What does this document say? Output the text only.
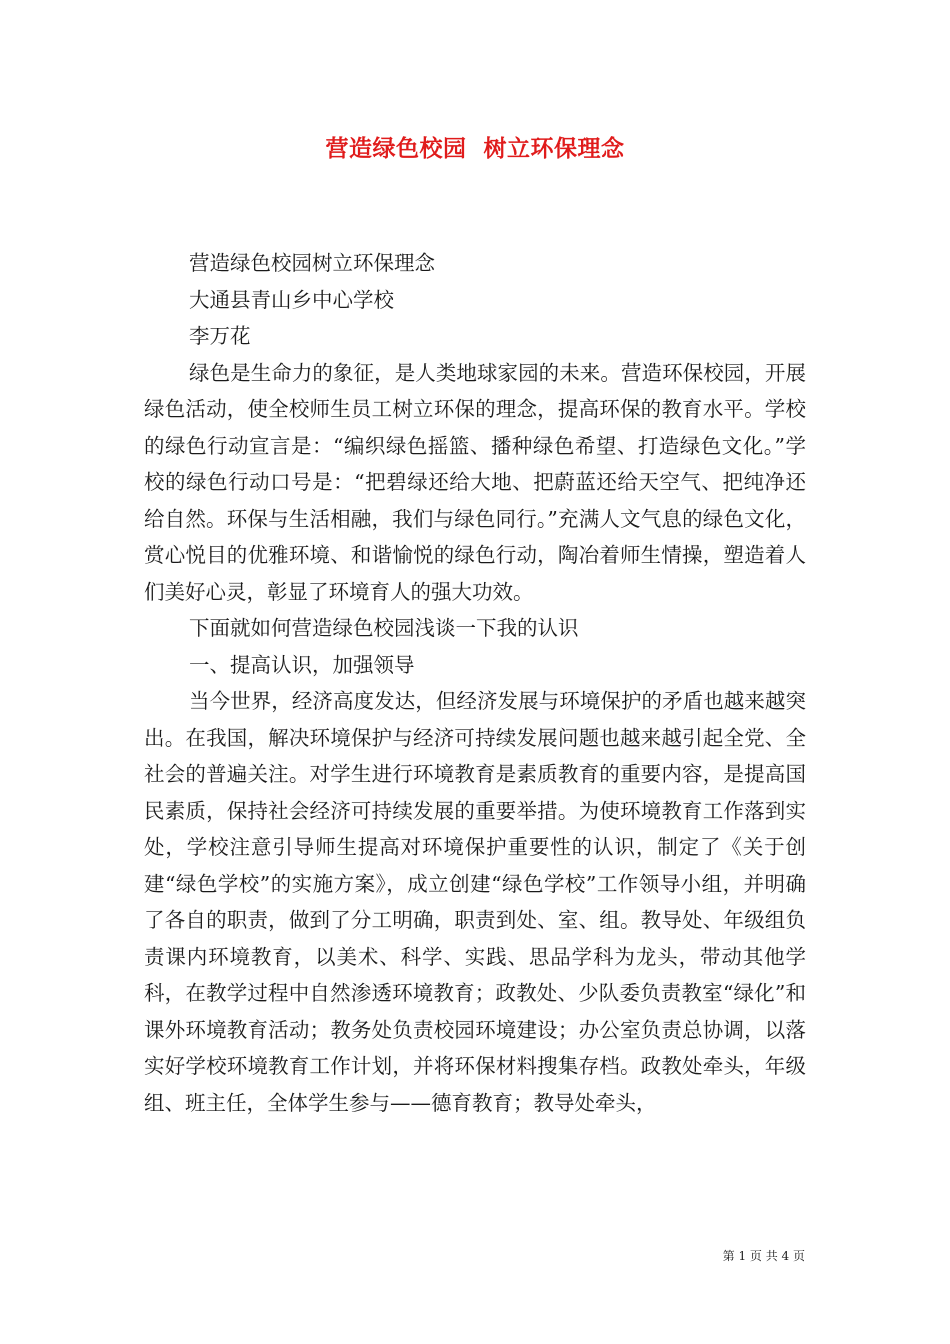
营造绿色校园  树立环保理念

营造绿色校园树立环保理念

大通县青山乡中心学校

李万花

绿色是生命力的象征，是人类地球家园的未来。营造环保校园，开展绿色活动，使全校师生员工树立环保的理念，提高环保的教育水平。学校的绿色行动宣言是：“编织绿色摇篮、播种绿色希望、打造绿色文化。”学校的绿色行动口号是：“把碧绿还给大地、把蔚蓝还给天空气、把纯净还给自然。环保与生活相融，我们与绿色同行。”充满人文气息的绿色文化，赏心悦目的优雅环境、和谐愉悦的绿色行动，陶冶着师生情操，塑造着人们美好心灵，彰显了环境育人的强大功效。

下面就如何营造绿色校园浅谈一下我的认识

一、提高认识，加强领导

当今世界，经济高度发达，但经济发展与环境保护的矛盾也越来越突出。在我国，解决环境保护与经济可持续发展问题也越来越引起全党、全社会的普遍关注。对学生进行环境教育是素质教育的重要内容，是提高国民素质，保持社会经济可持续发展的重要举措。为使环境教育工作落到实处，学校注意引导师生提高对环境保护重要性的认识，制定了《关于创建“绿色学校”的实施方案》，成立创建“绿色学校”工作领导小组，并明确了各自的职责，做到了分工明确，职责到处、室、组。教导处、年级组负责课内环境教育，以美术、科学、实践、思品学科为龙头，带动其他学科，在教学过程中自然渗透环境教育；政教处、少队委负责教室“绿化”和课外环境教育活动；教务处负责校园环境建设；办公室负责总协调，以落实好学校环境教育工作计划，并将环保材料搜集存档。政教处牵头，年级组、班主任，全体学生参与——德育教育；教导处牵头，

第 1 页 共 4 页
